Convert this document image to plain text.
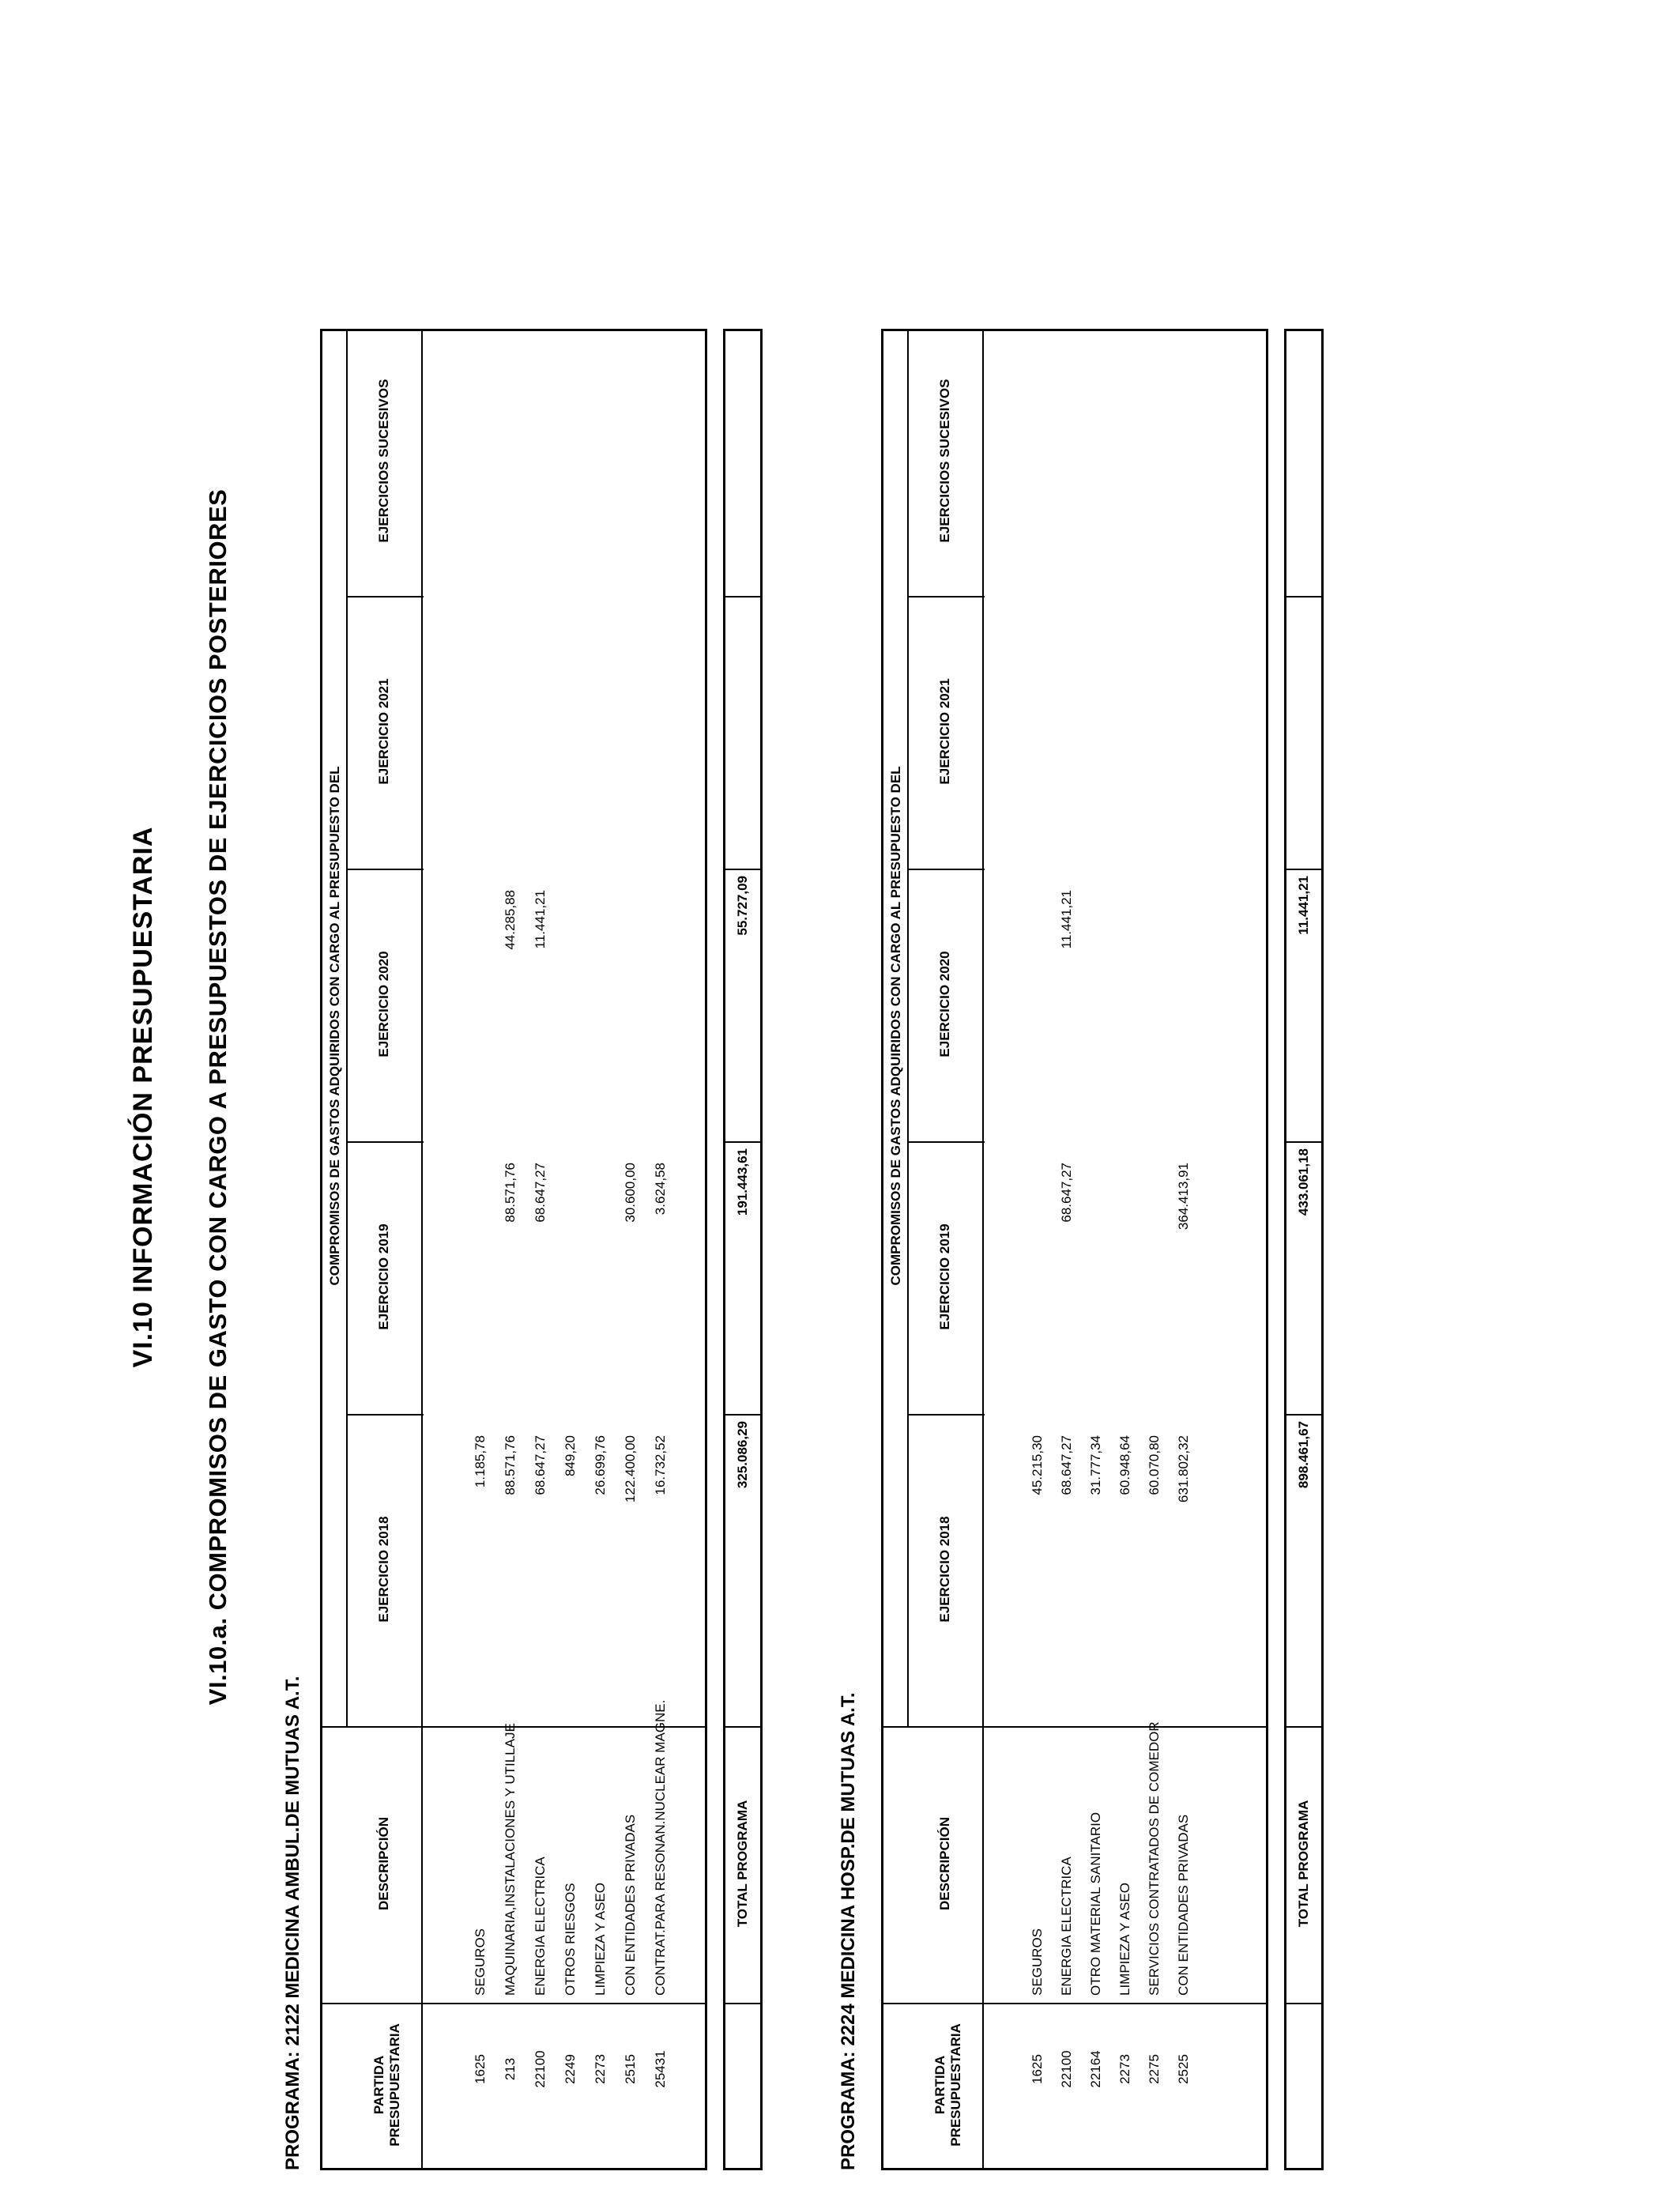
VI.10 INFORMACIÓN PRESUPUESTARIA VI.10.a. COMPROMISOS DE GASTO CON CARGO A PRESUPUESTOS DE EJERCICIOS POSTERIORES
PROGRAMA: 2122 MEDICINA AMBUL.DE MUTUAS A.T.	PARTIDA PRESUPUESTARIA
DESCRIPCIÓN
COMPROMISOS DE GASTOS ADQUIRIDOS CON CARGO AL PRESUPUESTO DEL
EJERCICIO 2018
EJERCICIO 2019
EJERCICIO 2020
EJERCICIO 2021
EJERCICIOS SUCESIVOS
1625
SEGUROS
1.185,78
213
MAQUINARIA,INSTALACIONES Y UTILLAJE
88.571,76
88.571,76
44.285,88
22100
ENERGIA ELECTRICA
68.647,27
68.647,27
11.441,21
2249
OTROS RIESGOS
849,20
2273
LIMPIEZA Y ASEO
26.699,76
2515
CON ENTIDADES PRIVADAS
122.400,00
30.600,00
25431
CONTRAT.PARA RESONAN.NUCLEAR MAGNE.
16.732,52
3.624,58
TOTAL PROGRAMA
325.086,29
191.443,61
55.727,09
PROGRAMA: 2224 MEDICINA HOSP.DE MUTUAS A.T.	PARTIDA PRESUPUESTARIA
DESCRIPCIÓN
COMPROMISOS DE GASTOS ADQUIRIDOS CON CARGO AL PRESUPUESTO DEL
EJERCICIO 2018
EJERCICIO 2019
EJERCICIO 2020
EJERCICIO 2021
EJERCICIOS SUCESIVOS
1625
SEGUROS
45.215,30
22100
ENERGIA ELECTRICA
68.647,27
68.647,27
11.441,21
22164
OTRO MATERIAL SANITARIO
31.777,34
2273
LIMPIEZA Y ASEO
60.948,64
2275
SERVICIOS CONTRATADOS DE COMEDOR
60.070,80
2525
CON ENTIDADES PRIVADAS
631.802,32
364.413,91
TOTAL PROGRAMA
898.461,67
433.061,18
11.441,21
